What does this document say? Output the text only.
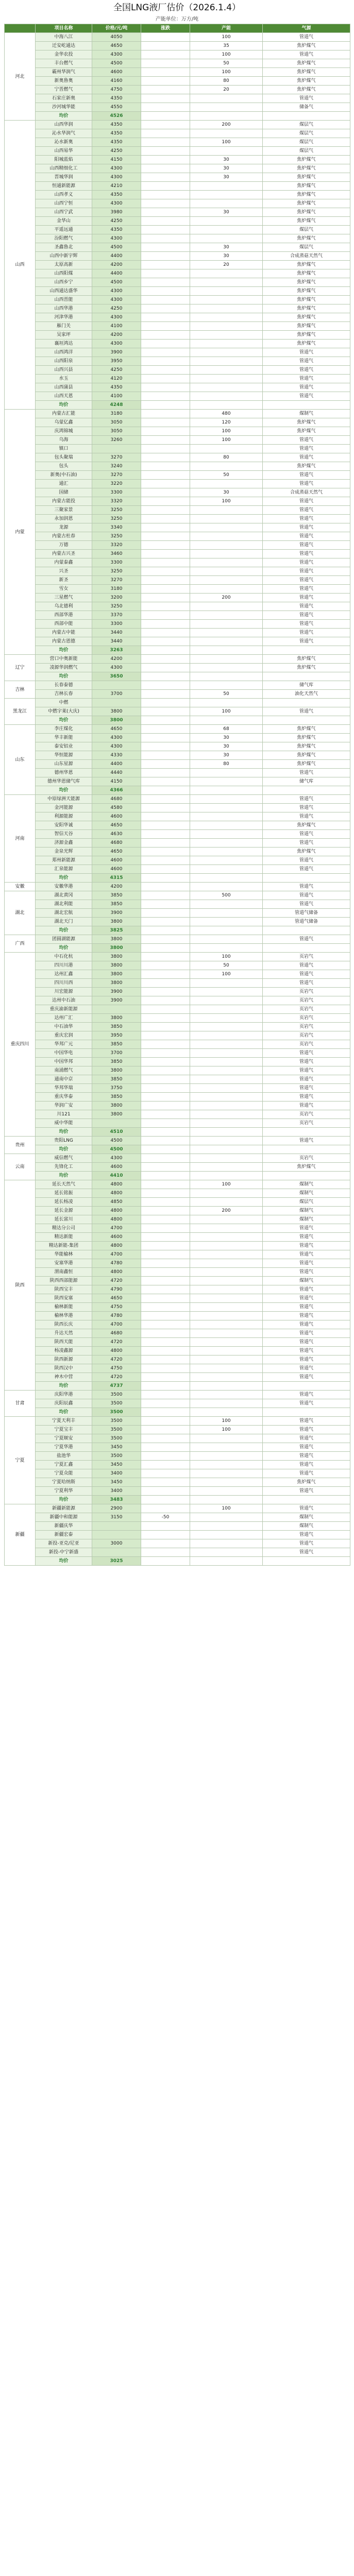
全国LNG液厂估价（2026.1.4）
产能单位：万方/吨
	项目名称	价格/元/吨	涨跌	产能	气源
河北	中海八江	4050		100	管道气
	迁安屹通达	4650		35	焦炉煤气
	金华农投	4300		100	管道气
	丰台燃气	4500		50	焦炉煤气
	霸州华润气	4600		100	焦炉煤气
	新奥鲁奥	4160		80	焦炉煤气
	宁晋燃气	4750		20	焦炉煤气
	石家庄新奥	4350			管道气
	沙河城华能	4550			储备气
	均价	4526			
山西	山西华润	4350		200	煤层气
	沁水华润气	4350			煤层气
	沁水新奥	4350		100	煤层气
	山西易华	4250			煤层气
	阳城蓝焰	4150		30	焦炉煤气
	山西精细化工	4300		30	焦炉煤气
	晋城华润	4300		30	焦炉煤气
	恒通新能源	4210			焦炉煤气
	山西孝义	4350			焦炉煤气
	山西宁恒	4300			焦炉煤气
	山西宁武	3980		30	焦炉煤气
	金华山	4250			焦炉煤气
	平遥远通	4350			煤层气
	汾阳燃气	4300			焦炉煤气
	圣鑫鲁北	4500		30	煤层气
	山西中新宇辉	4400		30	合成蒸菇天然气
	太原高新	4200		20	焦炉煤气
	山西阳煤	4400			焦炉煤气
	山西乡宁	4500			焦炉煤气
	山西通达盛华	4300			焦炉煤气
	山西晋能	4300			焦炉煤气
	山西华港	4250			焦炉煤气
	河津华港	4300			焦炉煤气
	雁门关	4100			焦炉煤气
	吴家坪	4200			焦炉煤气
	襄垣鸿达	4300			焦炉煤气
	山西鸿洋	3900			管道气
	山西阳泉	3950			管道气
	山西兴县	4250			管道气
	水玉	4120			管道气
	山西蒲县	4350			管道气
	山西天恩	4100			管道气
	均价	4248			
内蒙	内蒙古汇能	3180		480	煤制气
	乌蒙亿鑫	3050		120	焦炉煤气
	庆鸿锦城	3050		100	焦炉煤气
	乌海	3260		100	管道气
	镇口				管道气
	包头聚瑞	3270		80	管道气
	包头	3240			焦炉煤气
	新奥(中石油)	3270		50	管道气
	通汇	3220			管道气
	国储	3300		30	合成蒸菇天然气
	内蒙古能投	3320		100	管道气
	三聚家景	3250			管道气
	永加润恩	3250			管道气
	龙源	3340			管道气
	内蒙古杜春	3250			管道气
	万德	3320			管道气
	内蒙古兴圣	3460			管道气
	内蒙泰鑫	3300			管道气
	兴圣	3250			管道气
	新圣	3270			管道气
	雪女	3180			管道气
	三星燃气	3200		200	管道气
	乌北德利	3250			管道气
	西部华港	3370			管道气
	西部中能	3300			管道气
	内蒙古中能	3440			管道气
	内蒙古恩德	3440			管道气
	均价	3263			
辽宁	营口中奥新能	4200			焦炉煤气
	凌源华润燃气	4300			焦炉煤气
	均价	3650			
吉林	长春泰德				储气库
	吉林长春	3700		50	油化天然气
黑龙江	中燃				
	中燃宇莱(大庆)	3800		100	管道气
	均价	3800			
山东	李庄煤化	4650		68	焦炉煤气
	华丰新能	4300		30	焦炉煤气
	泰安铝业	4300		30	焦炉煤气
	华恒能源	4330		30	焦炉煤气
	山东星源	4400		80	焦炉煤气
	德州华恩	4440			管道气
	德州华恩储气库	4150			储气库
	均价	4366			
河南	中原绿洲天能源	4680			管道气
	金河能源	4580			管道气
	利源能源	4600			管道气
	安阳华诚	4650			焦炉煤气
	智信天谷	4630			管道气
	济源金鑫	4680			管道气
	金泉光辉	4650			焦炉煤气
	郑州新能源	4600			管道气
	汇泉能源	4600			管道气
	均价	4315			
安徽	安徽华港	4200			管道气
湖北	湖北黄冈	3850		500	管道气
	湖北利能	3850			管道气
	湖北宏航	3900			管道气储备
	湖北天门	3800			管道气储备
	均价	3825			
广西	团圆湖能源	3800			管道气
	均价	3800			
重庆四川	中石化杭	3800		100	页岩气
	四川川港	3800		50	管道气
	达州汇鑫	3800		100	管道气
	四川川西	3800			管道气
	川宏能源	3900			页岩气
	达州中石油	3900			页岩气
	重庆渝新能源				页岩气
	达州广汇	3800			页岩气
	中石油华	3850			页岩气
	重庆宏润	3950			页岩气
	华邦广元	3850			页岩气
	中国华电	3700			管道气
	中国华邦	3850			管道气
	南浦燃气	3800			管道气
	通南中京	3850			管道气
	华邦华瑞	3750			管道气
	重庆华泰	3850			管道气
	华润广安	3800			管道气
	川121	3800			页岩气
	威中华能				页岩气
	均价	4510			
贵州	贵阳LNG	4500			管道气
	均价	4500			
云南	威信燃气	4300			页岩气
	先锋化工	4600			焦炉煤气
	均价	4410			
陕西	延长天然气	4800		100	煤制气
	延长铭振	4800			煤制气
	延长杨凌	4850			煤层气
	延长金源	4800		200	煤制气
	延长富川	4800			煤制气
	精达分公司	4700			管道气
	精达新能	4600			管道气
	精达新能-集团	4800			管道气
	华能榆林	4700			管道气
	安塞华港	4780			管道气
	渭南鑫恒	4800			管道气
	陕西西部能源	4720			煤制气
	陕西宝丰	4790			管道气
	陕西安塞	4650			管道气
	榆林新能	4750			管道气
	榆林华港	4780			管道气
	陕西长庆	4700			管道气
	升达天然	4680			管道气
	陕西天能	4720			管道气
	杨凌鑫源	4800			管道气
	陕西新源	4720			管道气
	陕西汉中	4750			管道气
	神木中营	4720			管道气
	均价	4737			
甘肃	庆阳华港	3500			管道气
	庆阳辰鑫	3500			管道气
	均价	3500			
宁夏	宁夏天利丰	3500		100	管道气
	宁夏宝丰	3500		100	管道气
	宁夏顺安	3500			管道气
	宁夏华港	3450			管道气
	盐池华	3500			管道气
	宁夏汇鑫	3450			管道气
	宁夏众能	3400			管道气
	宁夏哈纳斯	3450			焦炉煤气
	宁夏利华	3400			管道气
	均价	3483			
新疆	新疆新能源	2900		100	管道气
	新疆中和能源	3150	-50		煤制气
	新疆庆华				煤制气
	新疆宏泰				管道气
	新投-亚克/尼亚	3000			管道气
	新投-中宁新盛				管道气
	均价	3025			
